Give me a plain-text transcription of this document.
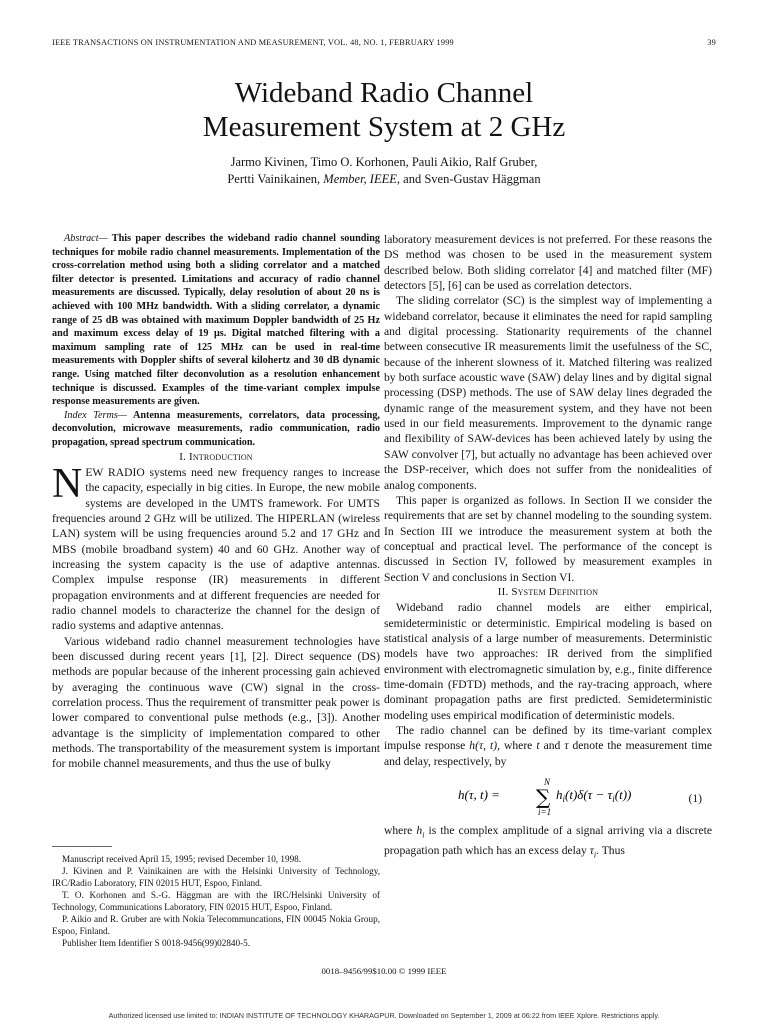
IEEE TRANSACTIONS ON INSTRUMENTATION AND MEASUREMENT, VOL. 48, NO. 1, FEBRUARY 1999	39
Wideband Radio Channel
Measurement System at 2 GHz
Jarmo Kivinen, Timo O. Korhonen, Pauli Aikio, Ralf Gruber,
Pertti Vainikainen, Member, IEEE, and Sven-Gustav Häggman

Abstract— This paper describes the wideband radio channel sounding techniques for mobile radio channel measurements. Implementation of the cross-correlation method using both a sliding correlator and a matched filter detector is presented. Limitations and accuracy of radio channel measurements are discussed. Typically, delay resolution of about 20 ns is achieved with 100 MHz bandwidth. With a sliding correlator, a dynamic range of 25 dB was obtained with maximum Doppler bandwidth of 25 Hz and maximum excess delay of 19 μs. Digital matched filtering with a maximum sampling rate of 125 MHz can be used in real-time measurements with Doppler shifts of several kilohertz and 30 dB dynamic range. Using matched filter deconvolution as a resolution enhancement technique is discussed. Examples of the time-variant complex impulse response measurements are given.

Index Terms— Antenna measurements, correlators, data processing, deconvolution, microwave measurements, radio communication, radio propagation, spread spectrum communication.

I. Introduction

NEW RADIO systems need new frequency ranges to increase the capacity, especially in big cities. In Europe, the new mobile systems are developed in the UMTS framework. For UMTS frequencies around 2 GHz will be utilized. The HIPERLAN (wireless LAN) system will be using frequencies around 5.2 and 17 GHz and MBS (mobile broadband system) 40 and 60 GHz. Another way of increasing the system capacity is the use of adaptive antennas. Complex impulse response (IR) measurements in different propagation environments and at different frequencies are needed for radio channel models to characterize the channel for the design of radio systems and adaptive antennas.

Various wideband radio channel measurement technologies have been discussed during recent years [1], [2]. Direct sequence (DS) methods are popular because of the inherent processing gain achieved by averaging the continuous wave (CW) signal in the cross-correlation process. Thus the requirement of transmitter peak power is lower compared to conventional pulse methods (e.g., [3]). Another advantage is the simplicity of implementation compared to other methods. The transportability of the measurement system is important for mobile channel measurements, and thus the use of bulky

Manuscript received April 15, 1995; revised December 10, 1998.

J. Kivinen and P. Vainikainen are with the Helsinki University of Technology, IRC/Radio Laboratory, FIN 02015 HUT, Espoo, Finland.

T. O. Korhonen and S.-G. Häggman are with the IRC/Helsinki University of Technology, Communications Laboratory, FIN 02015 HUT, Espoo, Finland.

P. Aikio and R. Gruber are with Nokia Telecommuncations, FIN 00045 Nokia Group, Espoo, Finland.

Publisher Item Identifier S 0018-9456(99)02840-5.

laboratory measurement devices is not preferred. For these reasons the DS method was chosen to be used in the measurement system described below. Both sliding correlator [4] and matched filter (MF) detectors [5], [6] can be used as correlation detectors.

The sliding correlator (SC) is the simplest way of implementing a wideband correlator, because it eliminates the need for rapid sampling and digital processing. Stationarity requirements of the channel between consecutive IR measurements limit the usefulness of the SC, because of the inherent slowness of it. Matched filtering was realized by both surface acoustic wave (SAW) delay lines and by digital signal processing (DSP) methods. The use of SAW delay lines degraded the dynamic range of the measurement system, and they have not been used in our field measurements. Improvement to the dynamic range and flexibility of SAW-devices has been achieved lately by using the SAW convolver [7], but actually no advantage has been achieved over the DSP-receiver, which does not suffer from the nonidealities of analog components.

This paper is organized as follows. In Section II we consider the requirements that are set by channel modeling to the sounding system. In Section III we introduce the measurement system at both the conceptual and practical level. The performance of the concept is discussed in Section IV, followed by measurement examples in Section V and conclusions in Section VI.

II. System Definition

Wideband radio channel models are either empirical, semideterministic or deterministic. Empirical modeling is based on statistical analysis of a large number of measurements. Deterministic models have two approaches: IR derived from the simplified environment with electromagnetic simulation by, e.g., finite difference time-domain (FDTD) methods, and the ray-tracing approach, where dominant propagation paths are first predicted. Semideterministic modeling uses empirical modification of deterministic models.

The radio channel can be defined by its time-variant complex impulse response h(τ, t), where t and τ denote the measurement time and delay, respectively, by

h(τ, t) =
N
∑
i=1
$h_i(t)\delta(\tau - \tau_i(t))$	(1)

where $h_i$ is the complex amplitude of a signal arriving via a discrete propagation path which has an excess delay $\tau_i$. Thus

0018–9456/99$10.00 © 1999 IEEE
Authorized licensed use limited to: INDIAN INSTITUTE OF TECHNOLOGY KHARAGPUR. Downloaded on September 1, 2009 at 06:22 from IEEE Xplore. Restrictions apply.
